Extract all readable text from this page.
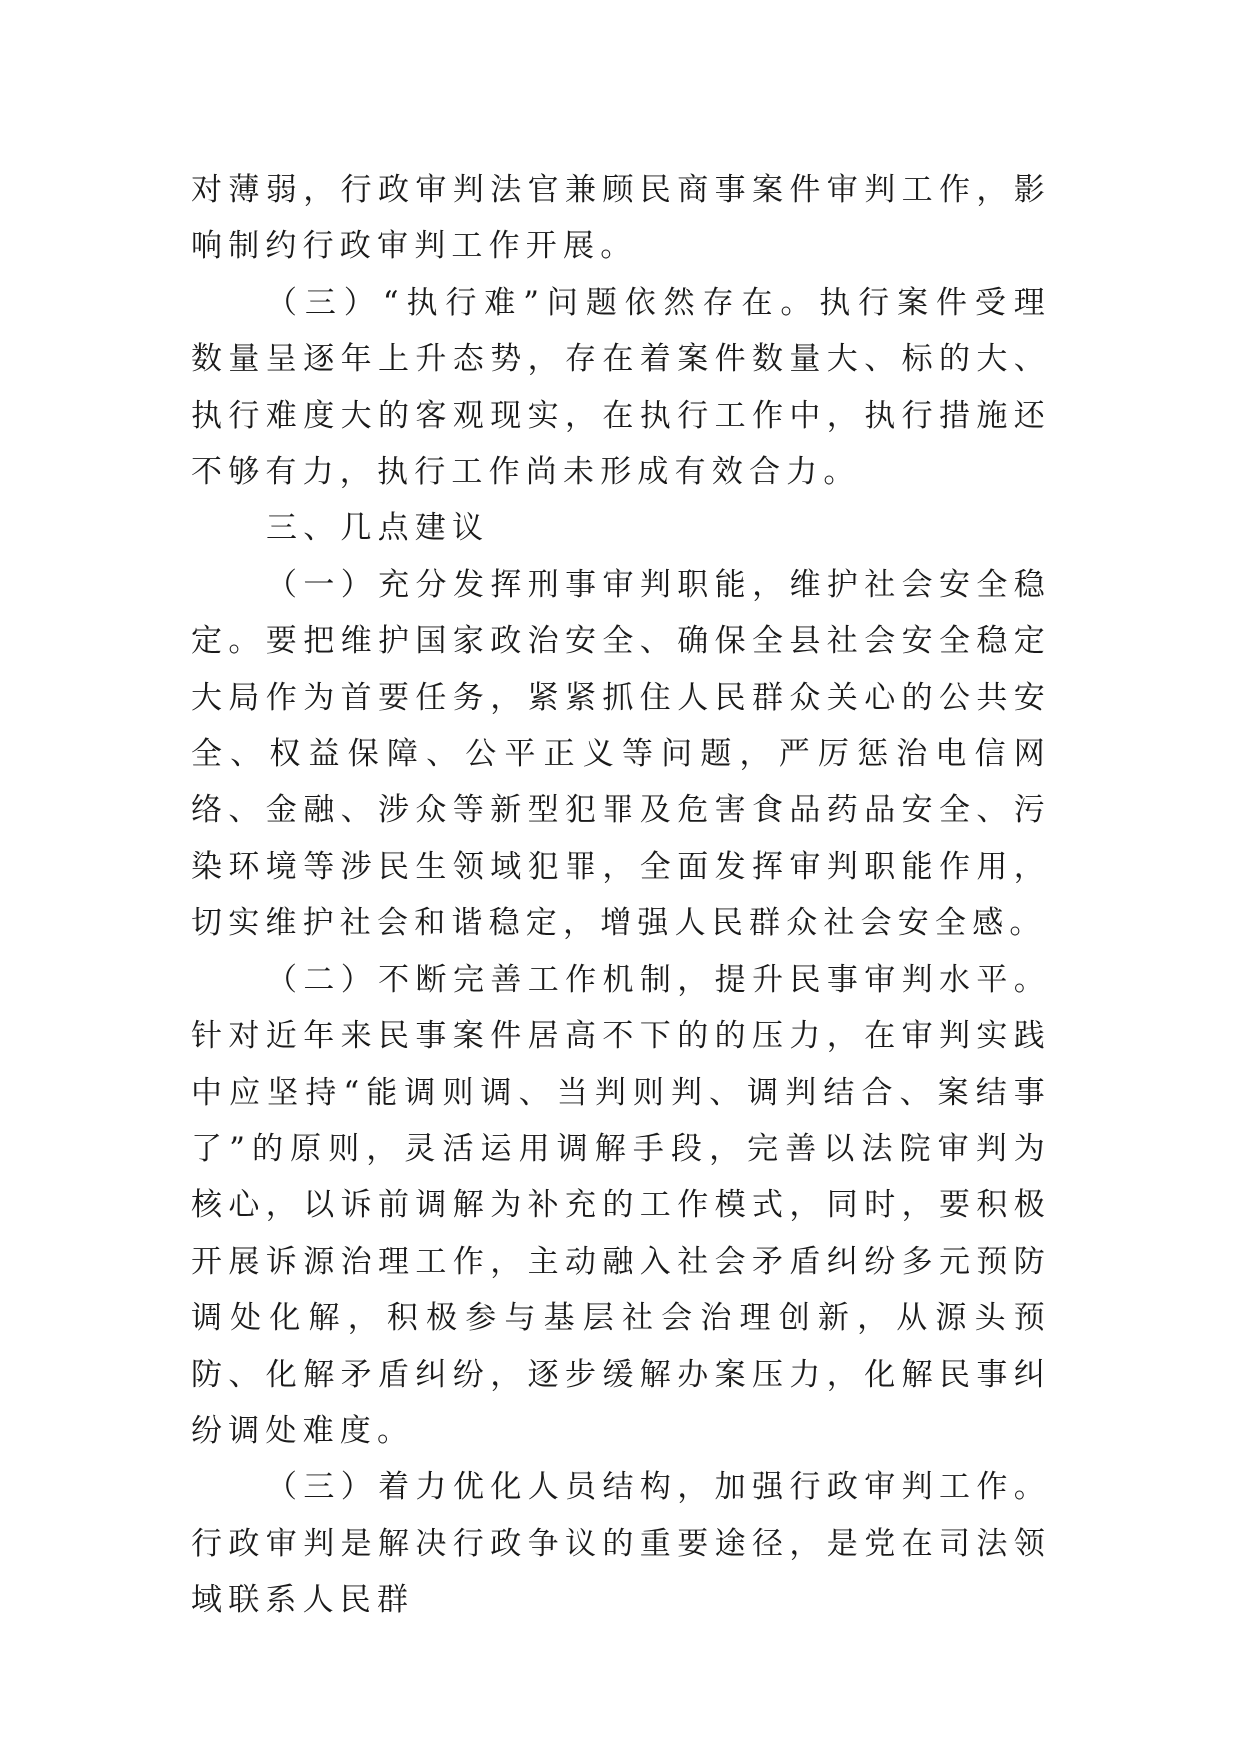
对薄弱，行政审判法官兼顾民商事案件审判工作，影响制约行政审判工作开展。

（三）“执行难”问题依然存在。执行案件受理数量呈逐年上升态势，存在着案件数量大、标的大、执行难度大的客观现实，在执行工作中，执行措施还不够有力，执行工作尚未形成有效合力。

三、几点建议

（一）充分发挥刑事审判职能，维护社会安全稳定。要把维护国家政治安全、确保全县社会安全稳定大局作为首要任务，紧紧抓住人民群众关心的公共安全、权益保障、公平正义等问题，严厉惩治电信网络、金融、涉众等新型犯罪及危害食品药品安全、污染环境等涉民生领域犯罪，全面发挥审判职能作用，切实维护社会和谐稳定，增强人民群众社会安全感。

（二）不断完善工作机制，提升民事审判水平。针对近年来民事案件居高不下的的压力，在审判实践中应坚持“能调则调、当判则判、调判结合、案结事了”的原则，灵活运用调解手段，完善以法院审判为核心，以诉前调解为补充的工作模式，同时，要积极开展诉源治理工作，主动融入社会矛盾纠纷多元预防调处化解，积极参与基层社会治理创新，从源头预防、化解矛盾纠纷，逐步缓解办案压力，化解民事纠纷调处难度。

（三）着力优化人员结构，加强行政审判工作。行政审判是解决行政争议的重要途径，是党在司法领域联系人民群
